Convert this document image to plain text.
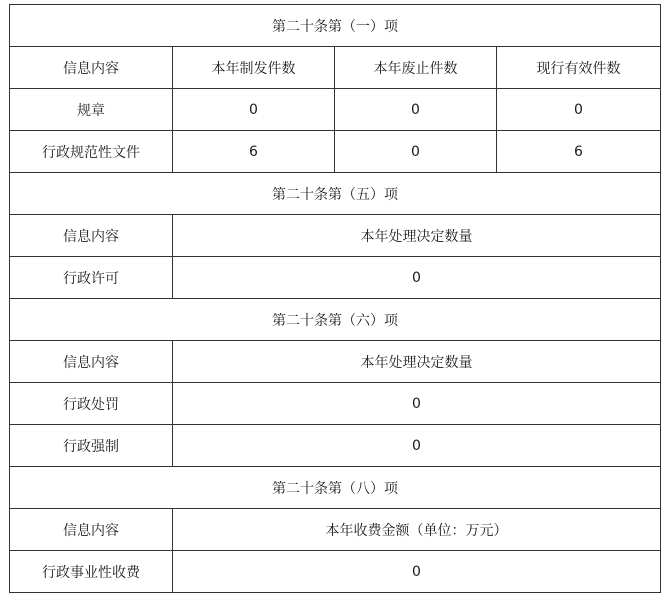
第二十条第（一）项			
信息内容	本年制发件数	本年废止件数	现行有效件数
规章	0	0	0
行政规范性文件	6	0	6
第二十条第（五）项			
信息内容	本年处理决定数量		
行政许可	0		
第二十条第（六）项			
信息内容	本年处理决定数量		
行政处罚	0		
行政强制	0		
第二十条第（八）项			
信息内容	本年收费金额（单位：万元）		
行政事业性收费	0		
